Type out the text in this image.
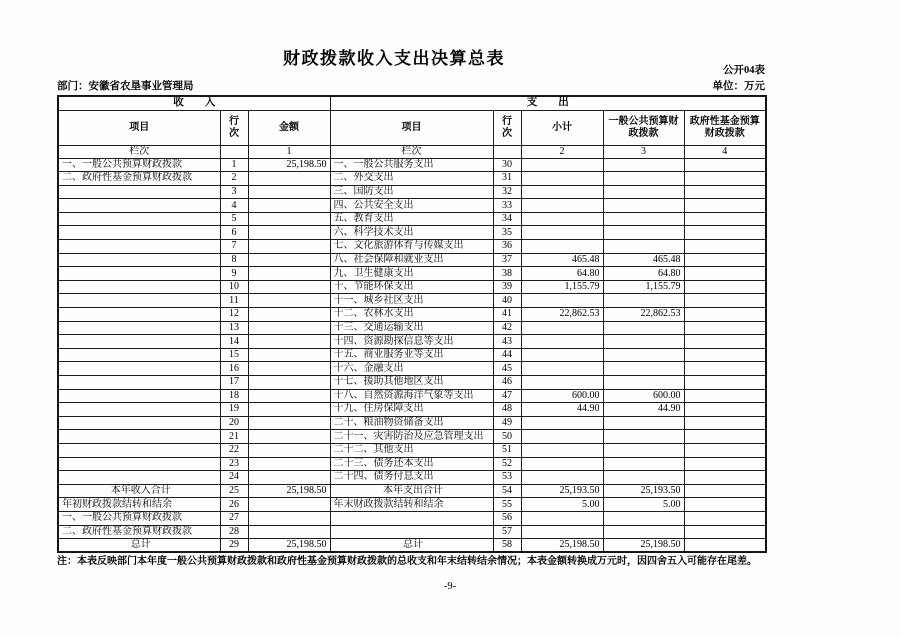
财政拨款收入支出决算总表
公开04表
部门：安徽省农垦事业管理局	单位：万元
收　　入			支　　出				
项目	行次	金额	项目	行次	小计	一般公共预算财政拨款	政府性基金预算财政拨款
栏次		1	栏次		2	3	4
一、一般公共预算财政拨款	1	25,198.50	一、一般公共服务支出	30			
二、政府性基金预算财政拨款	2		二、外交支出	31			
	3		三、国防支出	32			
	4		四、公共安全支出	33			
	5		五、教育支出	34			
	6		六、科学技术支出	35			
	7		七、文化旅游体育与传媒支出	36			
	8		八、社会保障和就业支出	37	465.48	465.48	
	9		九、卫生健康支出	38	64.80	64.80	
	10		十、节能环保支出	39	1,155.79	1,155.79	
	11		十一、城乡社区支出	40			
	12		十二、农林水支出	41	22,862.53	22,862.53	
	13		十三、交通运输支出	42			
	14		十四、资源勘探信息等支出	43			
	15		十五、商业服务业等支出	44			
	16		十六、金融支出	45			
	17		十七、援助其他地区支出	46			
	18		十八、自然资源海洋气象等支出	47	600.00	600.00	
	19		十九、住房保障支出	48	44.90	44.90	
	20		二十、粮油物资储备支出	49			
	21		二十一、灾害防治及应急管理支出	50			
	22		二十二、其他支出	51			
	23		二十三、债务还本支出	52			
	24		二十四、债务付息支出	53			
本年收入合计	25	25,198.50	本年支出合计	54	25,193.50	25,193.50	
年初财政拨款结转和结余	26		年末财政拨款结转和结余	55	5.00	5.00	
一、一般公共预算财政拨款	27			56			
二、政府性基金预算财政拨款	28			57			
总计	29	25,198.50	总计	58	25,198.50	25,198.50	
注：本表反映部门本年度一般公共预算财政拨款和政府性基金预算财政拨款的总收支和年末结转结余情况；本表金额转换成万元时，因四舍五入可能存在尾差。
-9-
